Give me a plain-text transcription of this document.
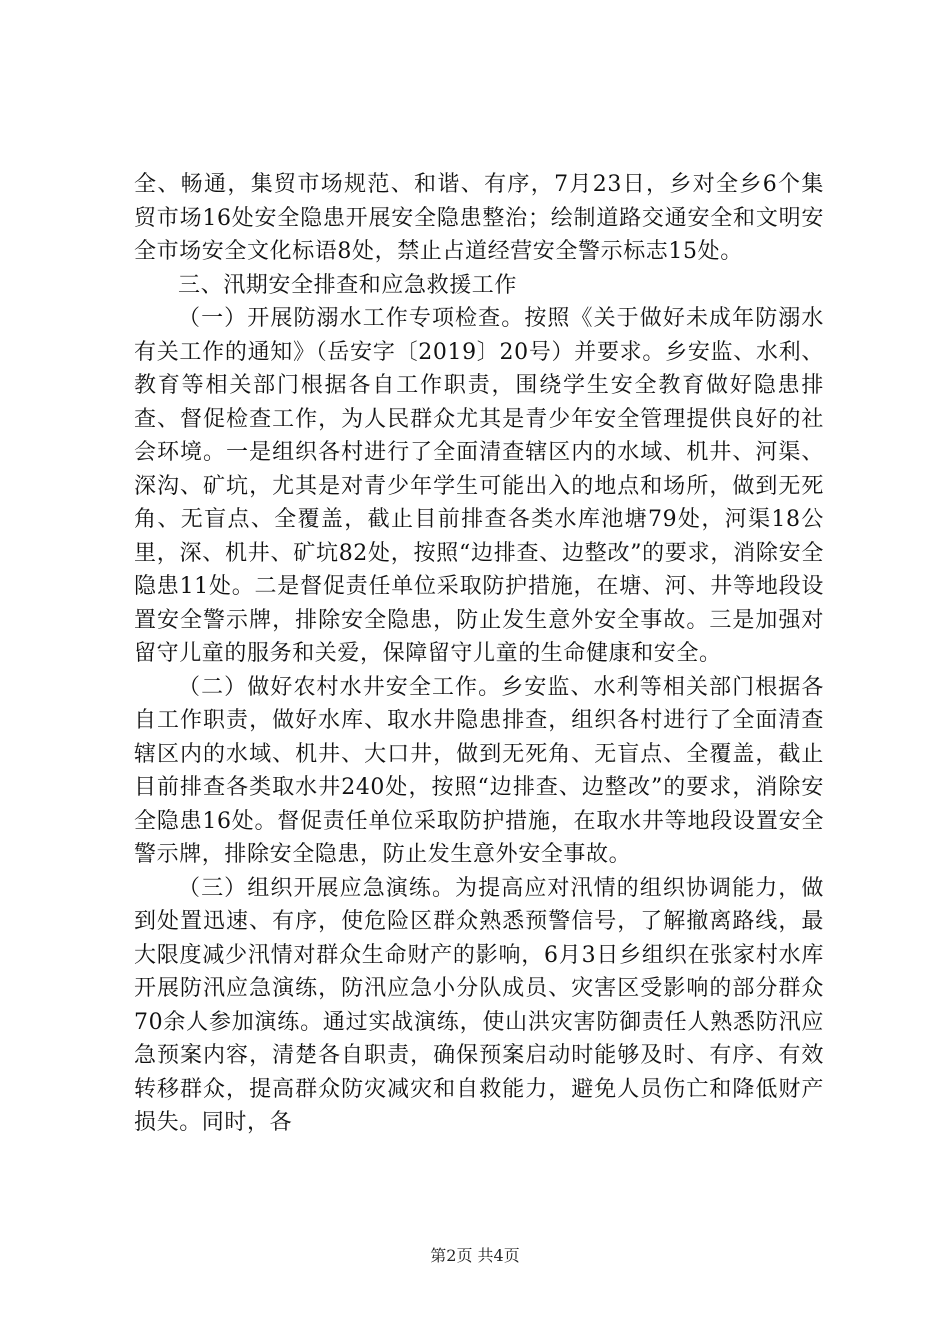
全、畅通，集贸市场规范、和谐、有序，7月23日，乡对全乡6个集贸市场16处安全隐患开展安全隐患整治；绘制道路交通安全和文明安全市场安全文化标语8处，禁止占道经营安全警示标志15处。

三、汛期安全排查和应急救援工作

（一）开展防溺水工作专项检查。按照《关于做好未成年防溺水有关工作的通知》（岳安字〔2019〕20号）并要求。乡安监、水利、教育等相关部门根据各自工作职责，围绕学生安全教育做好隐患排查、督促检查工作，为人民群众尤其是青少年安全管理提供良好的社会环境。一是组织各村进行了全面清查辖区内的水域、机井、河渠、深沟、矿坑，尤其是对青少年学生可能出入的地点和场所，做到无死角、无盲点、全覆盖，截止目前排查各类水库池塘79处，河渠18公里，深、机井、矿坑82处，按照“边排查、边整改”的要求，消除安全隐患11处。二是督促责任单位采取防护措施，在塘、河、井等地段设置安全警示牌，排除安全隐患，防止发生意外安全事故。三是加强对留守儿童的服务和关爱，保障留守儿童的生命健康和安全。

（二）做好农村水井安全工作。乡安监、水利等相关部门根据各自工作职责，做好水库、取水井隐患排查，组织各村进行了全面清查辖区内的水域、机井、大口井，做到无死角、无盲点、全覆盖，截止目前排查各类取水井240处，按照“边排查、边整改”的要求，消除安全隐患16处。督促责任单位采取防护措施，在取水井等地段设置安全警示牌，排除安全隐患，防止发生意外安全事故。

（三）组织开展应急演练。为提高应对汛情的组织协调能力，做到处置迅速、有序，使危险区群众熟悉预警信号，了解撤离路线，最大限度减少汛情对群众生命财产的影响，6月3日乡组织在张家村水库开展防汛应急演练，防汛应急小分队成员、灾害区受影响的部分群众70余人参加演练。通过实战演练，使山洪灾害防御责任人熟悉防汛应急预案内容，清楚各自职责，确保预案启动时能够及时、有序、有效转移群众，提高群众防灾减灾和自救能力，避免人员伤亡和降低财产损失。同时，各

第2页 共4页
